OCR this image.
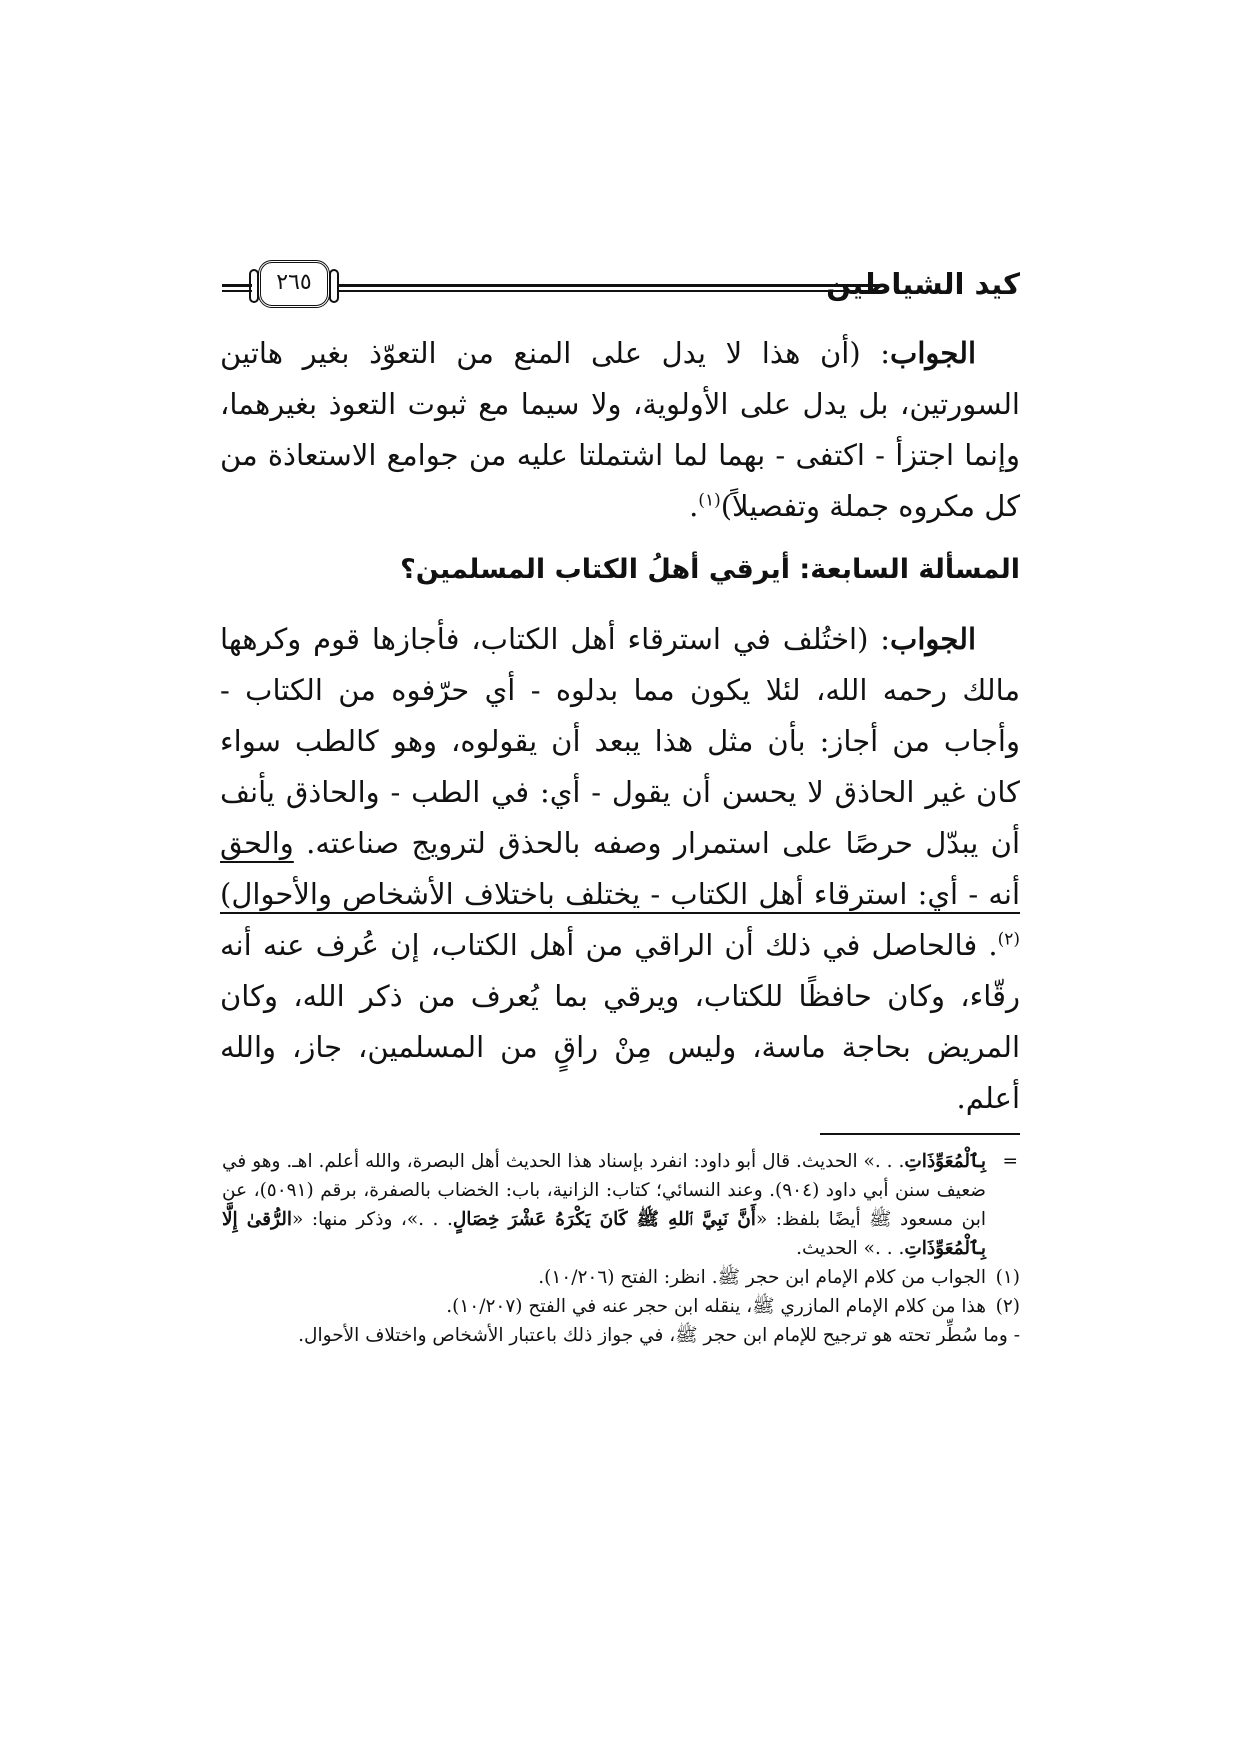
كيد الشياطين
٢٦٥

الجواب: (أن هذا لا يدل على المنع من التعوّذ بغير هاتين السورتين، بل يدل على الأولوية، ولا سيما مع ثبوت التعوذ بغيرهما، وإنما اجتزأ - اكتفى - بهما لما اشتملتا عليه من جوامع الاستعاذة من كل مكروه جملة وتفصيلاً)$^{(١)}$.

المسألة السابعة: أيرقي أهلُ الكتاب المسلمين؟

الجواب: (اختُلف في استرقاء أهل الكتاب، فأجازها قوم وكرهها مالك رحمه الله، لئلا يكون مما بدلوه - أي حرّفوه من الكتاب - وأجاب من أجاز: بأن مثل هذا يبعد أن يقولوه، وهو كالطب سواء كان غير الحاذق لا يحسن أن يقول - أي: في الطب - والحاذق يأنف أن يبدّل حرصًا على استمرار وصفه بالحذق لترويج صناعته. والحق أنه - أي: استرقاء أهل الكتاب - يختلف باختلاف الأشخاص والأحوال)$^{(٢)}$. فالحاصل في ذلك أن الراقي من أهل الكتاب، إن عُرف عنه أنه رقّاء، وكان حافظًا للكتاب، ويرقي بما يُعرف من ذكر الله، وكان المريض بحاجة ماسة، وليس مِنْ راقٍ من المسلمين، جاز، والله أعلم.

=
بِٱلْمُعَوِّذَاتِ. . .» الحديث. قال أبو داود: انفرد بإسناد هذا الحديث أهل البصرة، والله أعلم. اهـ. وهو في ضعيف سنن أبي داود (٩٠٤). وعند النسائي؛ كتاب: الزانية، باب: الخضاب بالصفرة، برقم (٥٠٩١)، عن ابن مسعود ﷺ أيضًا بلفظ: «أَنَّ نَبِيَّ ٱللهِ ﷺ كَانَ يَكْرَهُ عَشْرَ خِصَالٍ. . .»، وذكر منها: «الرُّقىٰ إِلَّا بِٱلْمُعَوِّذَاتِ. . .» الحديث.

(١)
الجواب من كلام الإمام ابن حجر ﷺ. انظر: الفتح (١٠/٢٠٦).

(٢)
هذا من كلام الإمام المازري ﷺ، ينقله ابن حجر عنه في الفتح (١٠/٢٠٧).

- وما سُطِّر تحته هو ترجيح للإمام ابن حجر ﷺ، في جواز ذلك باعتبار الأشخاص واختلاف الأحوال.
